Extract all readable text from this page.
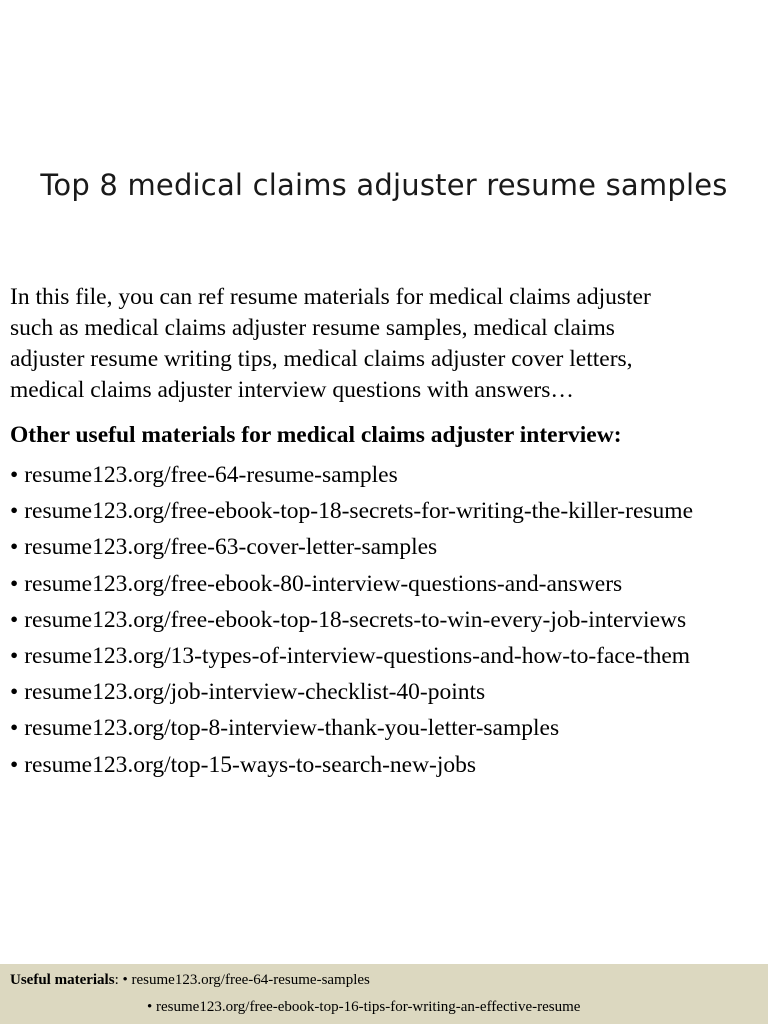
Top 8 medical claims adjuster resume samples
In this file, you can ref resume materials for medical claims adjuster
such as medical claims adjuster resume samples, medical claims
adjuster resume writing tips, medical claims adjuster cover letters,
medical claims adjuster interview questions with answers…
Other useful materials for medical claims adjuster interview:
• resume123.org/free-64-resume-samples
• resume123.org/free-ebook-top-18-secrets-for-writing-the-killer-resume
• resume123.org/free-63-cover-letter-samples
• resume123.org/free-ebook-80-interview-questions-and-answers
• resume123.org/free-ebook-top-18-secrets-to-win-every-job-interviews
• resume123.org/13-types-of-interview-questions-and-how-to-face-them
• resume123.org/job-interview-checklist-40-points
• resume123.org/top-8-interview-thank-you-letter-samples
• resume123.org/top-15-ways-to-search-new-jobs
Useful materials: • resume123.org/free-64-resume-samples
• resume123.org/free-ebook-top-16-tips-for-writing-an-effective-resume
